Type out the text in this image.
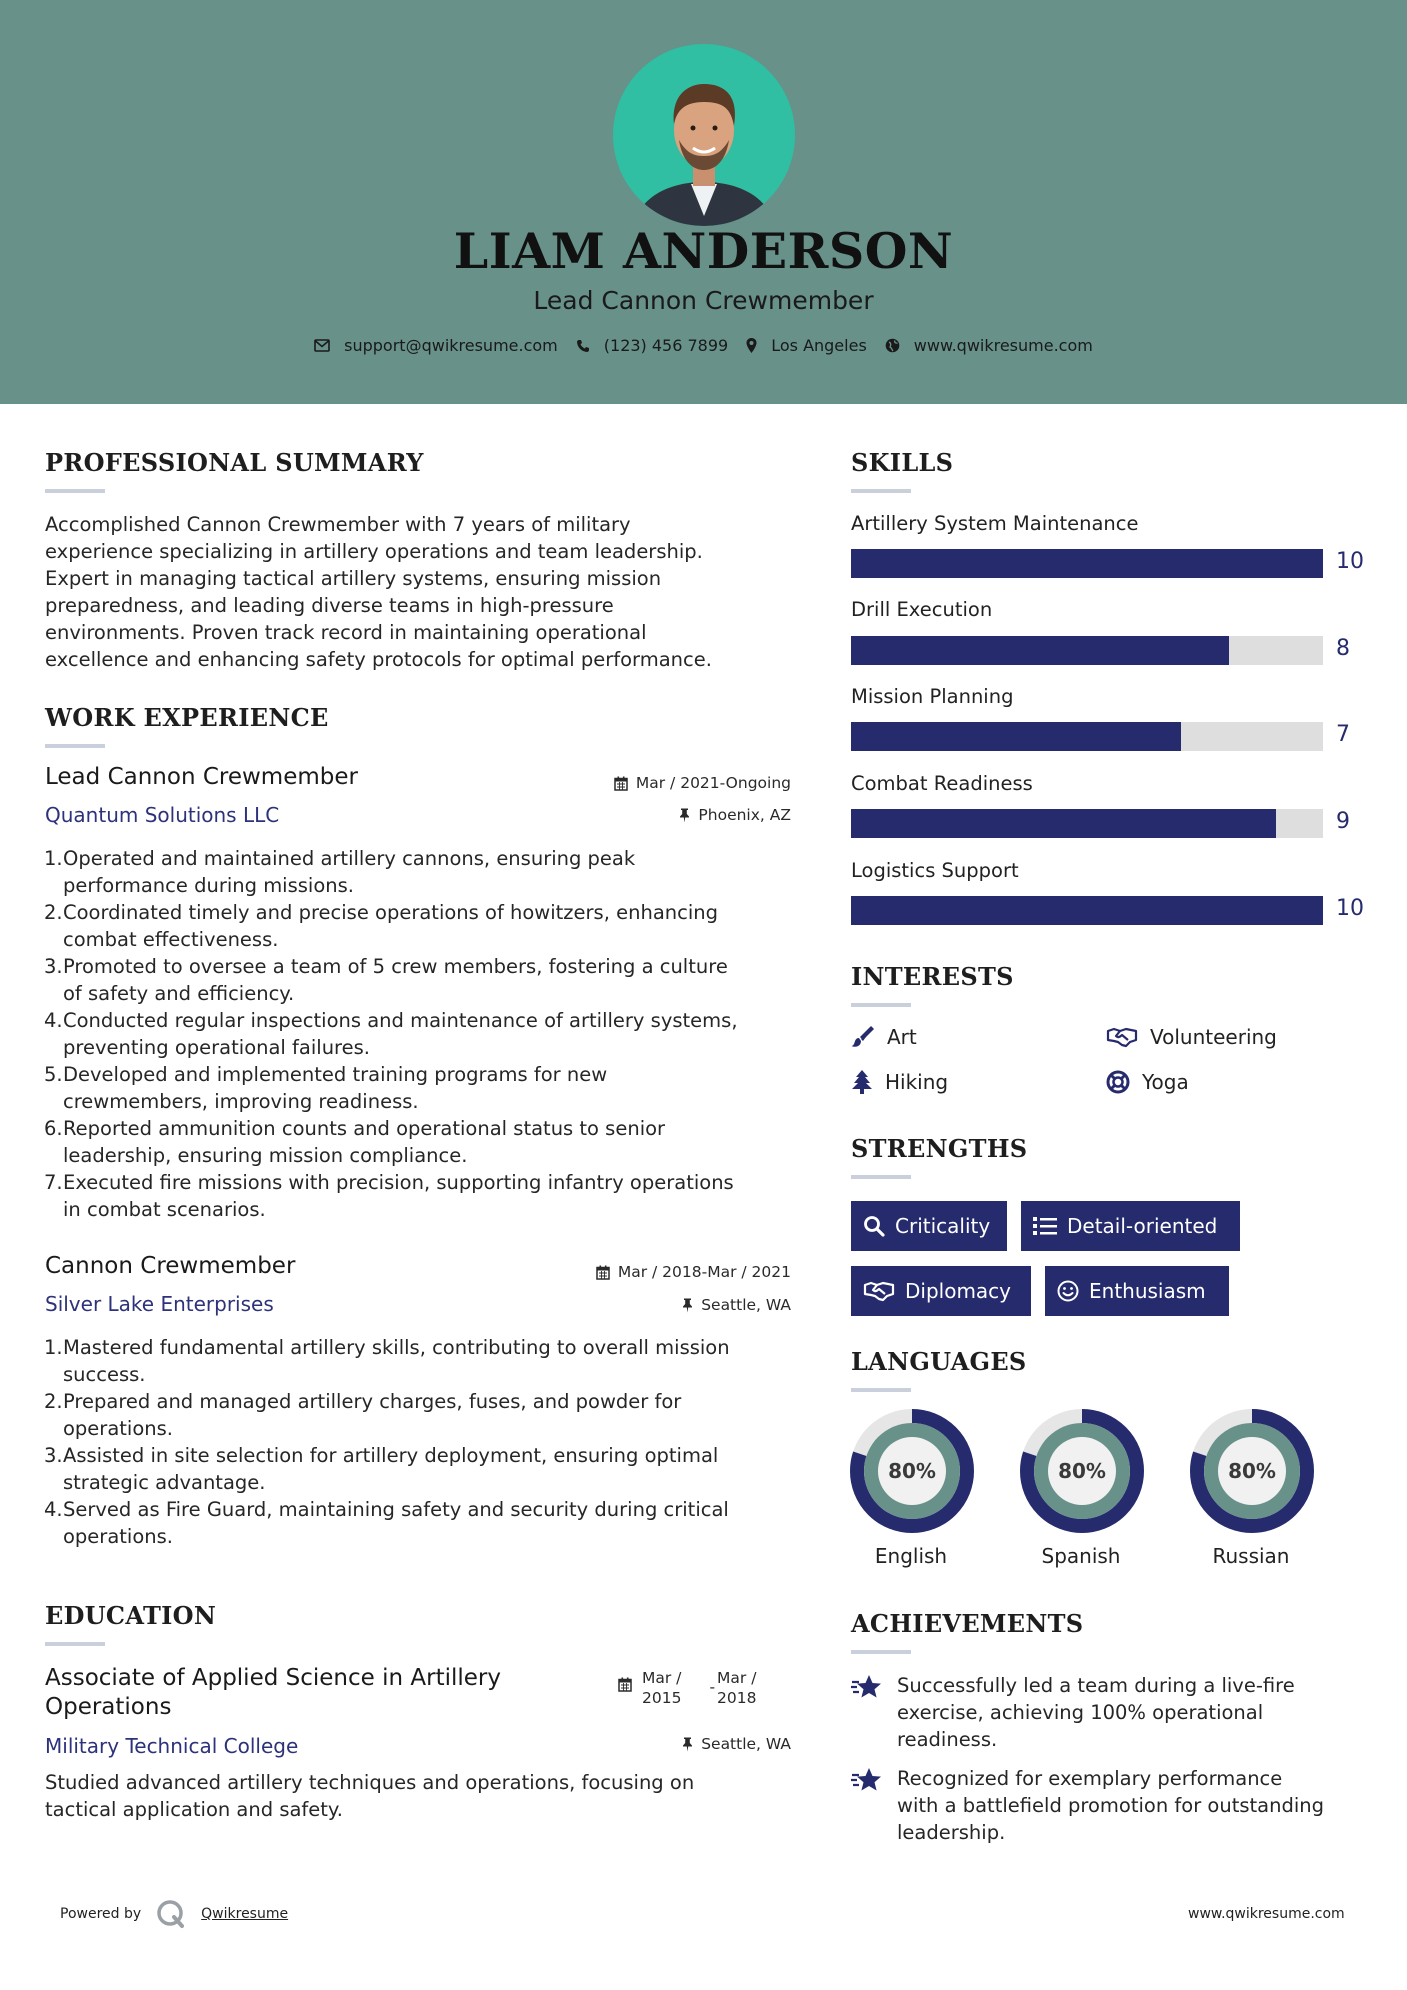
LIAM ANDERSON
Lead Cannon Crewmember
support@qwikresume.com	(123) 456 7899	Los Angeles	www.qwikresume.com
PROFESSIONAL SUMMARY
Accomplished Cannon Crewmember with 7 years of military
experience specializing in artillery operations and team leadership.
Expert in managing tactical artillery systems, ensuring mission
preparedness, and leading diverse teams in high-pressure
environments. Proven track record in maintaining operational
excellence and enhancing safety protocols for optimal performance.
WORK EXPERIENCE
Lead Cannon Crewmember
Quantum Solutions LLC
Mar / 2021-Ongoing
Phoenix, AZ
1. Operated and maintained artillery cannons, ensuring peak
performance during missions.
2. Coordinated timely and precise operations of howitzers, enhancing
combat effectiveness.
3. Promoted to oversee a team of 5 crew members, fostering a culture
of safety and efficiency.
4. Conducted regular inspections and maintenance of artillery systems,
preventing operational failures.
5. Developed and implemented training programs for new
crewmembers, improving readiness.
6. Reported ammunition counts and operational status to senior
leadership, ensuring mission compliance.
7. Executed fire missions with precision, supporting infantry operations
in combat scenarios.
Cannon Crewmember
Silver Lake Enterprises
Mar / 2018-Mar / 2021
Seattle, WA
1. Mastered fundamental artillery skills, contributing to overall mission
success.
2. Prepared and managed artillery charges, fuses, and powder for
operations.
3. Assisted in site selection for artillery deployment, ensuring optimal
strategic advantage.
4. Served as Fire Guard, maintaining safety and security during critical
operations.
EDUCATION
Associate of Applied Science in Artillery
Operations
Military Technical College
Mar /
2015
- Mar /
2018
Seattle, WA
Studied advanced artillery techniques and operations, focusing on
tactical application and safety.
SKILLS
Artillery System Maintenance
10
Drill Execution
8
Mission Planning
7
Combat Readiness
9
Logistics Support
10
INTERESTS
Art	Volunteering
Hiking	Yoga
STRENGTHS
Criticality	Detail-oriented
Diplomacy	Enthusiasm
LANGUAGES
80%
English
80%
Spanish
80%
Russian
ACHIEVEMENTS
Successfully led a team during a live-fire
exercise, achieving 100% operational
readiness.
Recognized for exemplary performance
with a battlefield promotion for outstanding
leadership.
Powered by	Qwikresume	www.qwikresume.com
